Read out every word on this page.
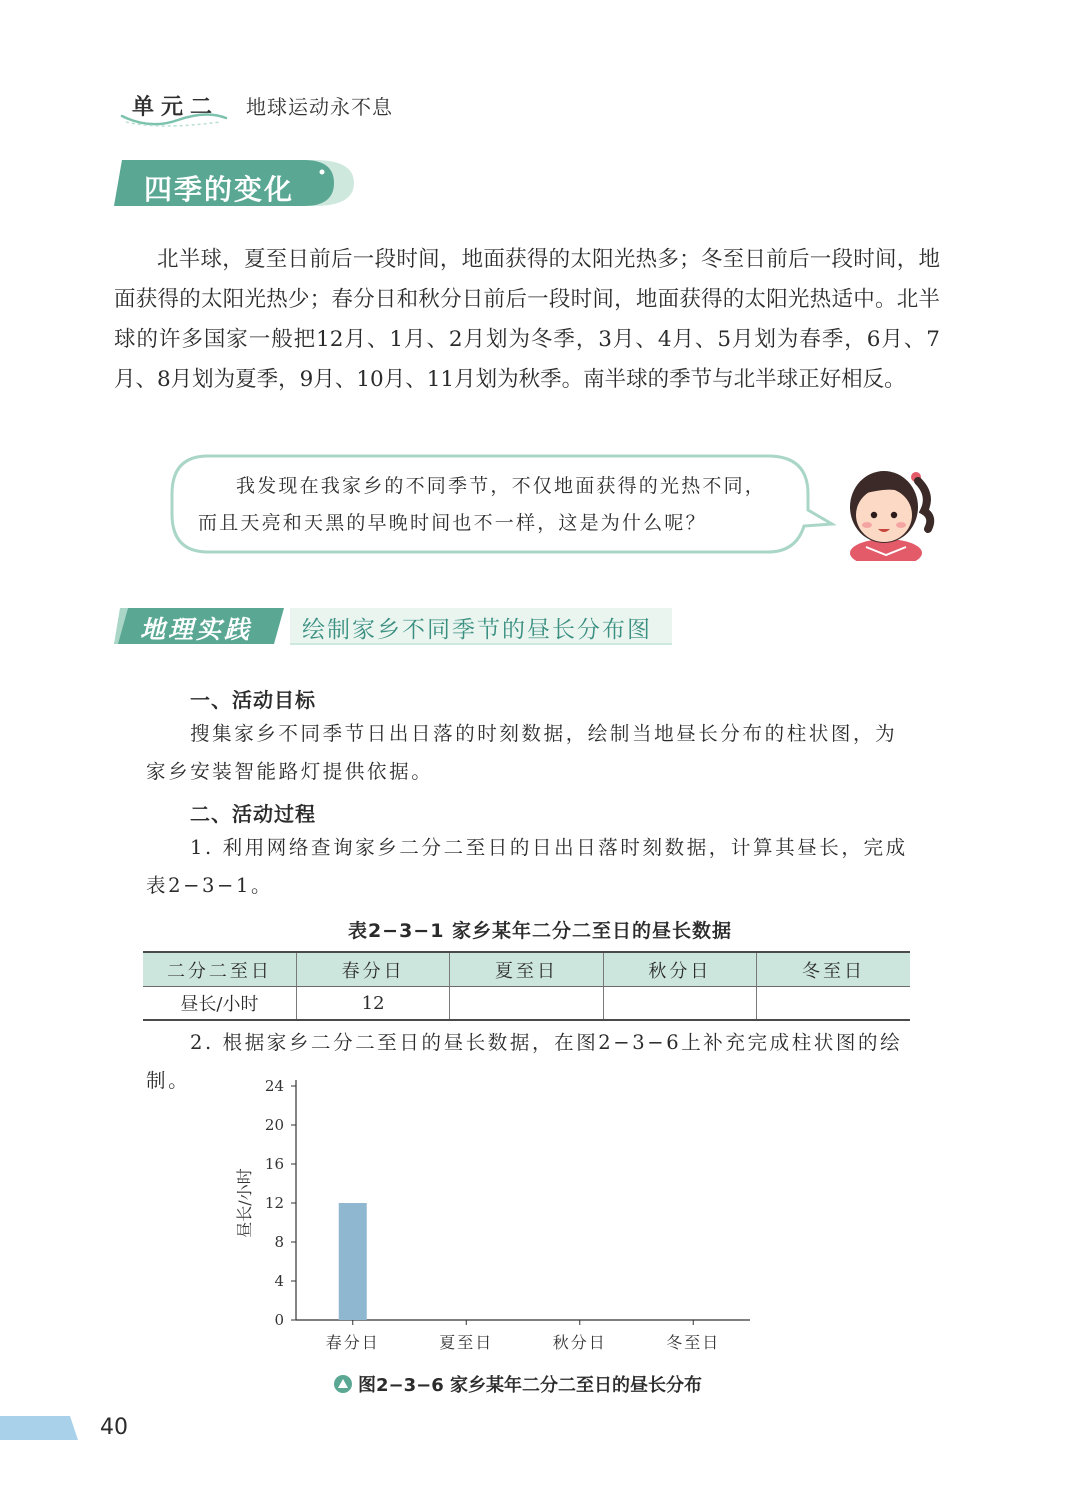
单元二 地球运动永不息
四季的变化

北半球，夏至日前后一段时间，地面获得的太阳光热多；冬至日前后一段时间，地面获得的太阳光热少；春分日和秋分日前后一段时间，地面获得的太阳光热适中。北半球的许多国家一般把12月、1月、2月划为冬季，3月、4月、5月划为春季，6月、7月、8月划为夏季，9月、10月、11月划为秋季。南半球的季节与北半球正好相反。

我发现在我家乡的不同季节，不仅地面获得的光热不同，而且天亮和天黑的早晚时间也不一样，这是为什么呢？

地理实践 绘制家乡不同季节的昼长分布图
一、活动目标

搜集家乡不同季节日出日落的时刻数据，绘制当地昼长分布的柱状图，为家乡安装智能路灯提供依据。

二、活动过程

1. 利用网络查询家乡二分二至日的日出日落时刻数据，计算其昼长，完成表2−3−1。

表2−3−1 家乡某年二分二至日的昼长数据
二分二至日	春分日	夏至日	秋分日	冬至日
昼长/小时	12			

2. 根据家乡二分二至日的昼长数据，在图2−3−6上补充完成柱状图的绘制。

0
4
8
12
16
20
24
昼长/小时
春分日	夏至日	秋分日	冬至日
图2−3−6 家乡某年二分二至日的昼长分布
40
